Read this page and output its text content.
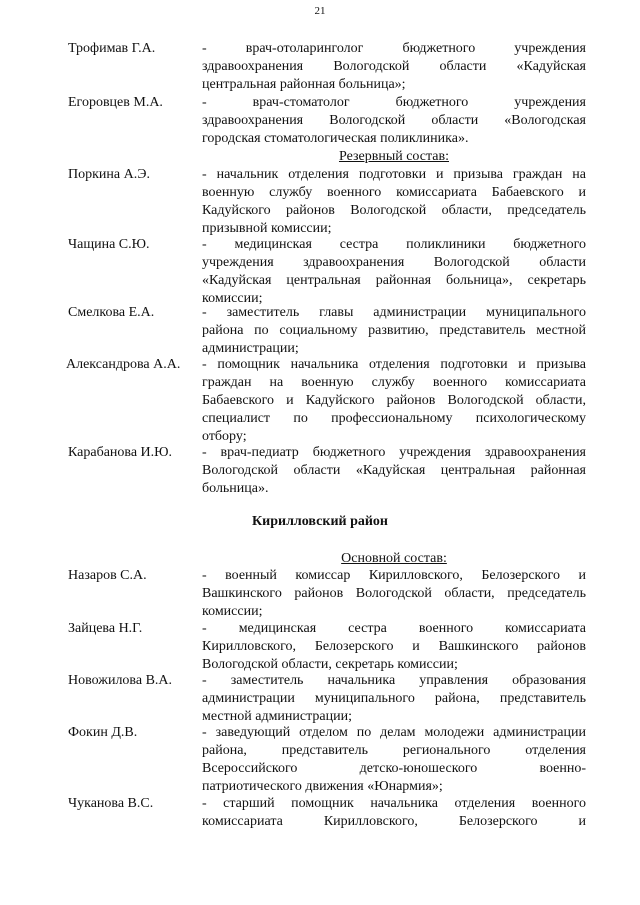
21
Трофимав Г.А.	- врач-отоларинголог бюджетного учреждения
здравоохранения Вологодской области «Кадуйская
центральная районная больница»;
Егоровцев М.А.	- врач-стоматолог бюджетного учреждения
здравоохранения Вологодской области «Вологодская
городская стоматологическая поликлиника».
Резервный состав:
Поркина А.Э.	- начальник отделения подготовки и призыва граждан на
военную службу военного комиссариата Бабаевского и
Кадуйского районов Вологодской области, председатель
призывной комиссии;
Чащина С.Ю.	- медицинская сестра поликлиники бюджетного
учреждения здравоохранения Вологодской области
«Кадуйская центральная районная больница», секретарь
комиссии;
Смелкова Е.А.	- заместитель главы администрации муниципального
района по социальному развитию, представитель местной
администрации;
Александрова А.А. - помощник начальника отделения подготовки и призыва
граждан на военную службу военного комиссариата
Бабаевского и Кадуйского районов Вологодской области,
специалист по профессиональному психологическому
отбору;
Карабанова И.Ю. - врач-педиатр бюджетного учреждения здравоохранения
Вологодской области «Кадуйская центральная районная
больница».
Кирилловский район
Основной состав:
Назаров С.А.	- военный комиссар Кирилловского, Белозерского и
Вашкинского районов Вологодской области, председатель
комиссии;
Зайцева Н.Г.	- медицинская сестра военного комиссариата
Кирилловского, Белозерского и Вашкинского районов
Вологодской области, секретарь комиссии;
Новожилова В.А. - заместитель начальника управления образования
администрации муниципального района, представитель
местной администрации;
Фокин Д.В.	- заведующий отделом по делам молодежи администрации
района, представитель регионального отделения
Всероссийского детско-юношеского военно-
патриотического движения «Юнармия»;
Чуканова В.С.	- старший помощник начальника отделения военного
комиссариата Кирилловского, Белозерского и
